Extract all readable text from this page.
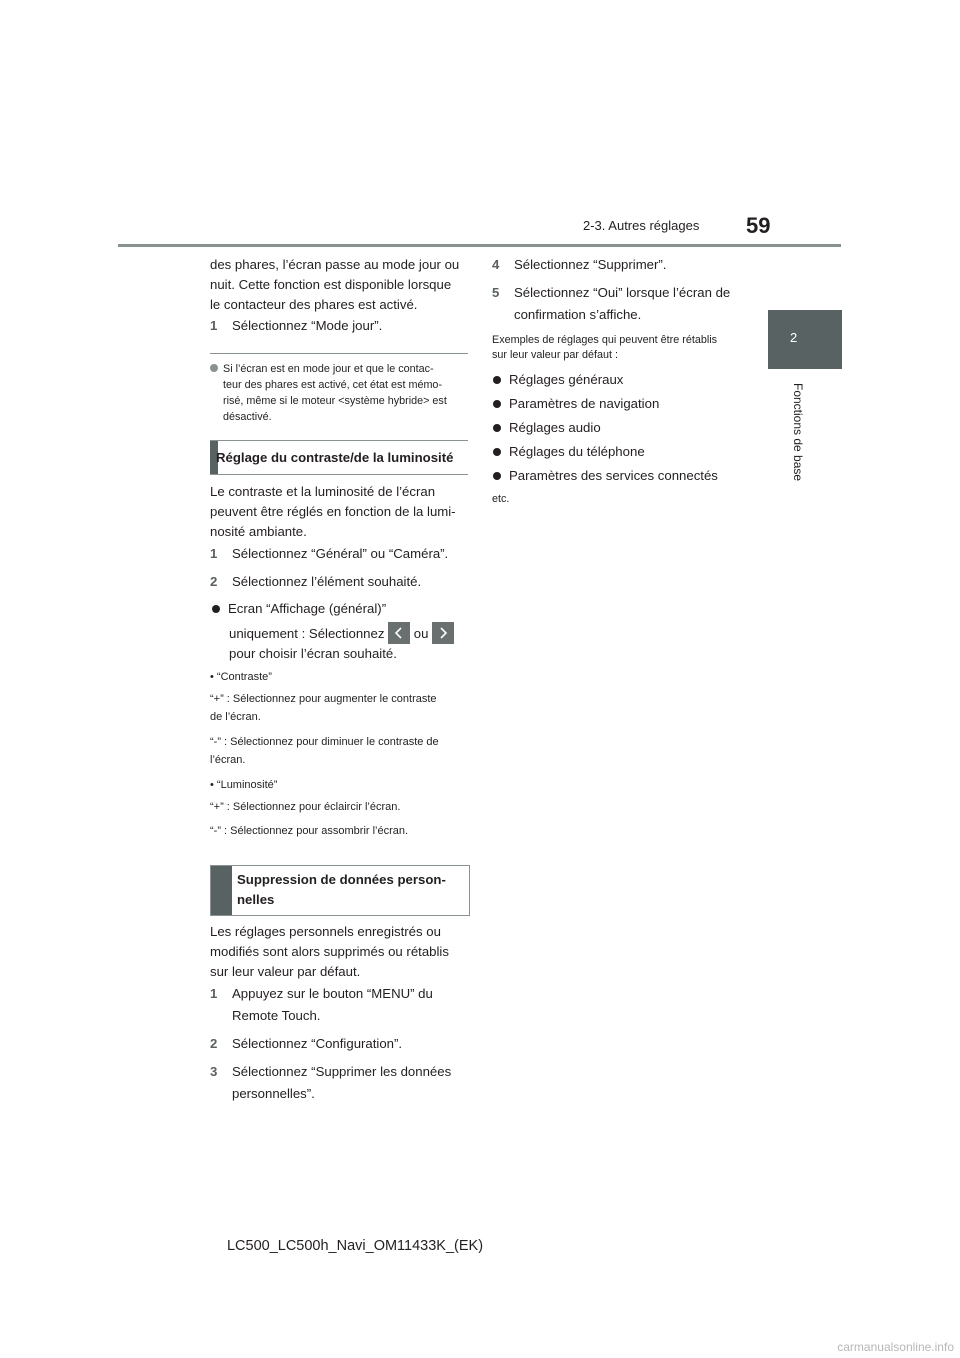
2-3. Autres réglages 59
2
Fonctions de base
des phares, l’écran passe au mode jour ou
nuit. Cette fonction est disponible lorsque
le contacteur des phares est activé.
1 Sélectionnez “Mode jour”.
Si l’écran est en mode jour et que le contac-
teur des phares est activé, cet état est mémo-
risé, même si le moteur <système hybride> est
désactivé.
Réglage du contraste/de la luminosité
Le contraste et la luminosité de l’écran
peuvent être réglés en fonction de la lumi-
nosité ambiante.
1 Sélectionnez “Général” ou “Caméra”.
2 Sélectionnez l’élément souhaité.
Ecran “Affichage (général)”
uniquement : Sélectionnez ou
pour choisir l’écran souhaité.
• “Contraste”
“+” : Sélectionnez pour augmenter le contraste
de l’écran.
“-” : Sélectionnez pour diminuer le contraste de
l’écran.
• “Luminosité”
“+” : Sélectionnez pour éclaircir l’écran.
“-” : Sélectionnez pour assombrir l’écran.
Suppression de données person-
nelles
Les réglages personnels enregistrés ou
modifiés sont alors supprimés ou rétablis
sur leur valeur par défaut.
1 Appuyez sur le bouton “MENU” du
Remote Touch.
2 Sélectionnez “Configuration”.
3 Sélectionnez “Supprimer les données
personnelles”.
4 Sélectionnez “Supprimer”.
5 Sélectionnez “Oui” lorsque l’écran de
confirmation s’affiche.
Exemples de réglages qui peuvent être rétablis
sur leur valeur par défaut :
Réglages généraux
Paramètres de navigation
Réglages audio
Réglages du téléphone
Paramètres des services connectés
etc.
LC500_LC500h_Navi_OM11433K_(EK)
carmanualsonline.info
